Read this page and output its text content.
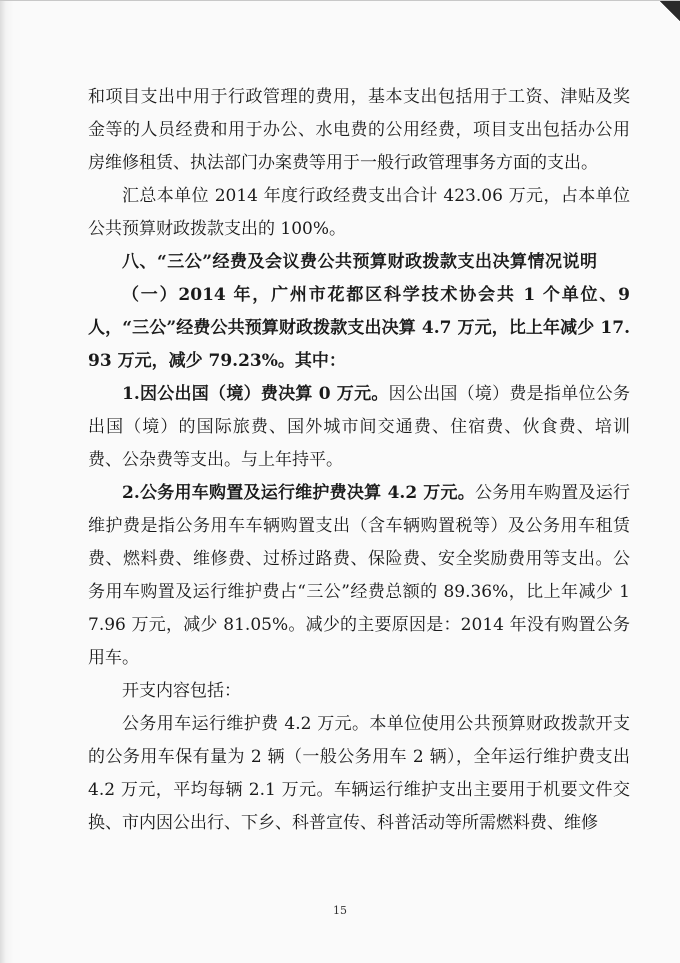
和项目支出中用于行政管理的费用，基本支出包括用于工资、津贴及奖金等的人员经费和用于办公、水电费的公用经费，项目支出包括办公用房维修租赁、执法部门办案费等用于一般行政管理事务方面的支出。

汇总本单位 2014 年度行政经费支出合计 423.06 万元，占本单位公共预算财政拨款支出的 100%。

八、“三公”经费及会议费公共预算财政拨款支出决算情况说明

（一）2014 年，广州市花都区科学技术协会共 1 个单位、9 人，“三公”经费公共预算财政拨款支出决算 4.7 万元，比上年减少 17.93 万元，减少 79.23%。其中：

1.因公出国（境）费决算 0 万元。因公出国（境）费是指单位公务出国（境）的国际旅费、国外城市间交通费、住宿费、伙食费、培训费、公杂费等支出。与上年持平。

2.公务用车购置及运行维护费决算 4.2 万元。公务用车购置及运行维护费是指公务用车车辆购置支出（含车辆购置税等）及公务用车租赁费、燃料费、维修费、过桥过路费、保险费、安全奖励费用等支出。公务用车购置及运行维护费占“三公”经费总额的 89.36%，比上年减少 17.96 万元，减少 81.05%。减少的主要原因是：2014 年没有购置公务用车。

开支内容包括：

公务用车运行维护费 4.2 万元。本单位使用公共预算财政拨款开支的公务用车保有量为 2 辆（一般公务用车 2 辆），全年运行维护费支出 4.2 万元，平均每辆 2.1 万元。车辆运行维护支出主要用于机要文件交换、市内因公出行、下乡、科普宣传、科普活动等所需燃料费、维修

15
